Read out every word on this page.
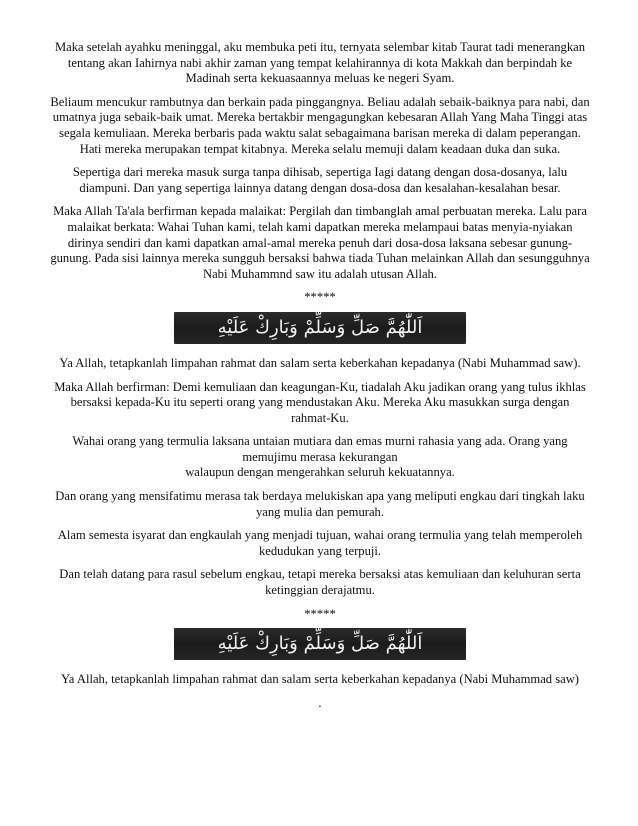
Maka setelah ayahku meninggal, aku membuka peti itu, ternyata selembar kitab Taurat tadi menerangkan tentang akan Iahirnya nabi akhir zaman yang tempat kelahirannya di kota Makkah dan berpindah ke Madinah serta kekuasaannya meluas ke negeri Syam.

Beliaum mencukur rambutnya dan berkain pada pinggangnya. Beliau adalah sebaik-baiknya para nabi, dan umatnya juga sebaik-baik umat. Mereka bertakbir mengagungkan kebesaran Allah Yang Maha Tinggi atas segala kemuliaan. Mereka berbaris pada waktu salat sebagaimana barisan mereka di dalam peperangan. Hati mereka merupakan tempat kitabnya. Mereka selalu memuji dalam keadaan duka dan suka.

Sepertiga dari mereka masuk surga tanpa dihisab, sepertiga Iagi datang dengan dosa-dosanya, lalu diampuni. Dan yang sepertiga lainnya datang dengan dosa-dosa dan kesalahan-kesalahan besar.

Maka Allah Ta'ala berfirman kepada malaikat: Pergilah dan timbanglah amal perbuatan mereka. Lalu para malaikat berkata: Wahai Tuhan kami, telah kami dapatkan mereka melampaui batas menyia-nyiakan dirinya sendiri dan kami dapatkan amal-amal mereka penuh dari dosa-dosa laksana sebesar gunung-gunung. Pada sisi lainnya mereka sungguh bersaksi bahwa tiada Tuhan melainkan Allah dan sesungguhnya Nabi Muhammnd saw itu adalah utusan Allah.

*****

اَللّٰهُمَّ صَلِّ وَسَلِّمْ وَبَارِكْ عَلَيْهِ

Ya Allah, tetapkanlah limpahan rahmat dan salam serta keberkahan kepadanya (Nabi Muhammad saw).

Maka Allah berfirman: Demi kemuliaan dan keagungan-Ku, tiadalah Aku jadikan orang yang tulus ikhlas bersaksi kepada-Ku itu seperti orang yang mendustakan Aku. Mereka Aku masukkan surga dengan rahmat-Ku.

Wahai orang yang termulia laksana untaian mutiara dan emas murni rahasia yang ada. Orang yang memujimu merasa kekurangan
walaupun dengan mengerahkan seluruh kekuatannya.

Dan orang yang mensifatimu merasa tak berdaya melukiskan apa yang meliputi engkau dari tingkah laku yang mulia dan pemurah.

Alam semesta isyarat dan engkaulah yang menjadi tujuan, wahai orang termulia yang telah memperoleh kedudukan yang terpuji.

Dan telah datang para rasul sebelum engkau, tetapi mereka bersaksi atas kemuliaan dan keluhuran serta ketinggian derajatmu.

*****

اَللّٰهُمَّ صَلِّ وَسَلِّمْ وَبَارِكْ عَلَيْهِ

Ya Allah, tetapkanlah limpahan rahmat dan salam serta keberkahan kepadanya (Nabi Muhammad saw)

.
